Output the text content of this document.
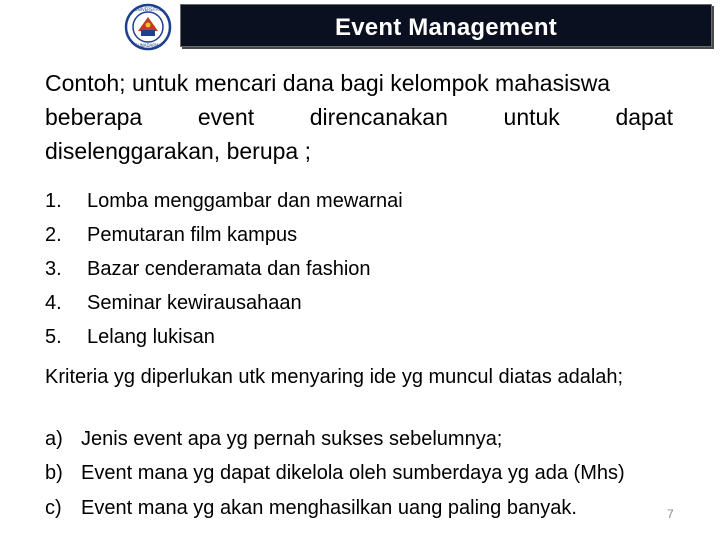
UNIVERSITAS
GUNADARMA
Event Management
Contoh; untuk mencari dana bagi kelompok mahasiswa

beberapa event direncanakan untuk dapat
diselenggarakan, berupa ;
1. Lomba menggambar dan mewarnai
2. Pemutaran film kampus
3. Bazar cenderamata dan fashion
4. Seminar kewirausahaan
5. Lelang lukisan
Kriteria yg diperlukan utk menyaring ide yg muncul diatas adalah;
a) Jenis event apa yg pernah sukses sebelumnya;
b) Event mana yg dapat dikelola oleh sumberdaya yg ada (Mhs)
c) Event mana yg akan menghasilkan uang paling banyak.	7
